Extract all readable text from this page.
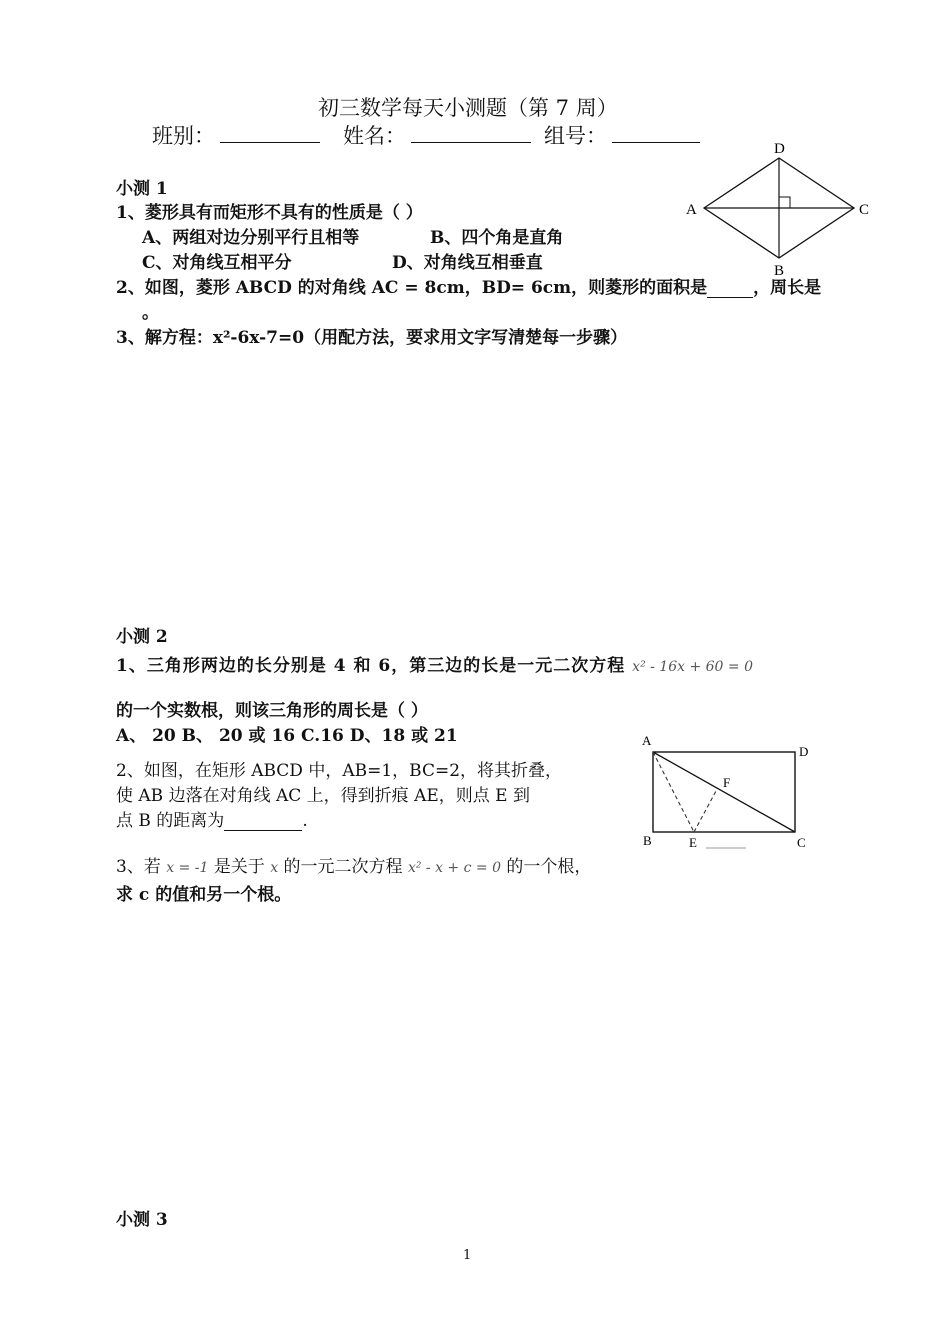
初三数学每天小测题（第 7 周）
班别：	姓名：	组号：
小测 1
1、菱形具有而矩形不具有的性质是（ ）
A、两组对边分别平行且相等	B、四个角是直角
C、对角线互相平分	D、对角线互相垂直
2、如图，菱形 ABCD 的对角线 AC = 8cm，BD= 6cm，则菱形的面积是	，周长是
。
3、解方程：x²-6x-7=0（用配方法，要求用文字写清楚每一步骤）
D
A	C
B
小测 2
1、三角形两边的长分别是 4 和 6，第三边的长是一元二次方程 x² - 16x + 60 = 0
的一个实数根，则该三角形的周长是（ ）
A、 20 B、 20 或 16 C.16 D、18 或 21
2、如图，在矩形 ABCD 中，AB=1，BC=2，将其折叠，
使 AB 边落在对角线 AC 上，得到折痕 AE，则点 E 到
点 B 的距离为	.
3、若 x = -1 是关于 x 的一元二次方程 x² - x + c = 0 的一个根，
求 c 的值和另一个根。
A
D
B	C
E
F
小测 3
1
